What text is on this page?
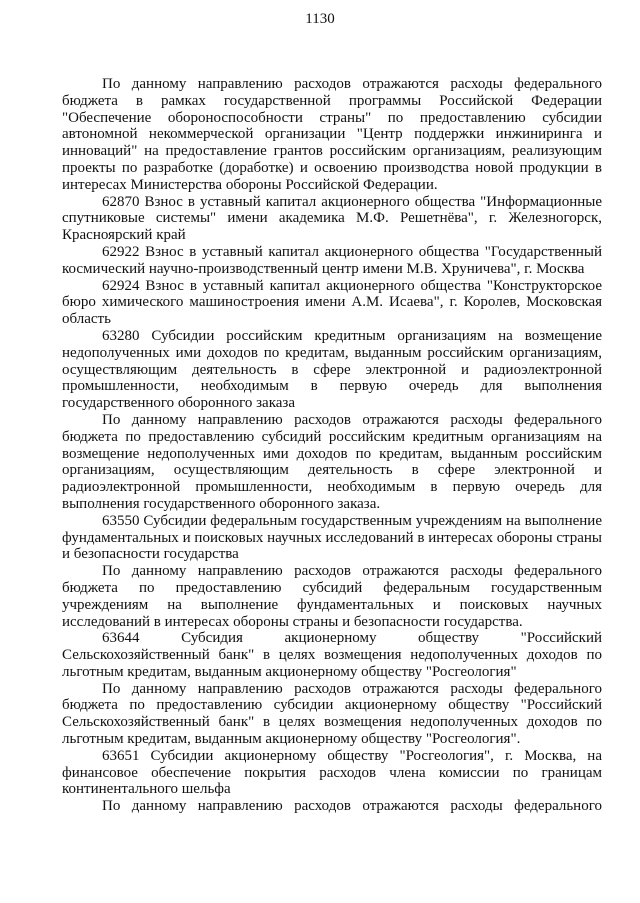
1130

По данному направлению расходов отражаются расходы федерального бюджета в рамках государственной программы Российской Федерации "Обеспечение обороноспособности страны" по предоставлению субсидии автономной некоммерческой организации "Центр поддержки инжиниринга и инноваций" на предоставление грантов российским организациям, реализующим проекты по разработке (доработке) и освоению производства новой продукции в интересах Министерства обороны Российской Федерации.

62870 Взнос в уставный капитал акционерного общества "Информационные спутниковые системы" имени академика М.Ф. Решетнёва", г. Железногорск, Красноярский край

62922 Взнос в уставный капитал акционерного общества "Государственный космический научно-производственный центр имени М.В. Хруничева", г. Москва

62924 Взнос в уставный капитал акционерного общества "Конструкторское бюро химического машиностроения имени А.М. Исаева", г. Королев, Московская область

63280 Субсидии российским кредитным организациям на возмещение недополученных ими доходов по кредитам, выданным российским организациям, осуществляющим деятельность в сфере электронной и радиоэлектронной промышленности, необходимым в первую очередь для выполнения государственного оборонного заказа

По данному направлению расходов отражаются расходы федерального бюджета по предоставлению субсидий российским кредитным организациям на возмещение недополученных ими доходов по кредитам, выданным российским организациям, осуществляющим деятельность в сфере электронной и радиоэлектронной промышленности, необходимым в первую очередь для выполнения государственного оборонного заказа.

63550 Субсидии федеральным государственным учреждениям на выполнение фундаментальных и поисковых научных исследований в интересах обороны страны и безопасности государства

По данному направлению расходов отражаются расходы федерального бюджета по предоставлению субсидий федеральным государственным учреждениям на выполнение фундаментальных и поисковых научных исследований в интересах обороны страны и безопасности государства.

63644 Субсидия акционерному обществу "Российский Сельскохозяйственный банк" в целях возмещения недополученных доходов по льготным кредитам, выданным акционерному обществу "Росгеология"

По данному направлению расходов отражаются расходы федерального бюджета по предоставлению субсидии акционерному обществу "Российский Сельскохозяйственный банк" в целях возмещения недополученных доходов по льготным кредитам, выданным акционерному обществу "Росгеология".

63651 Субсидии акционерному обществу "Росгеология", г. Москва, на финансовое обеспечение покрытия расходов члена комиссии по границам континентального шельфа

По данному направлению расходов отражаются расходы федерального
